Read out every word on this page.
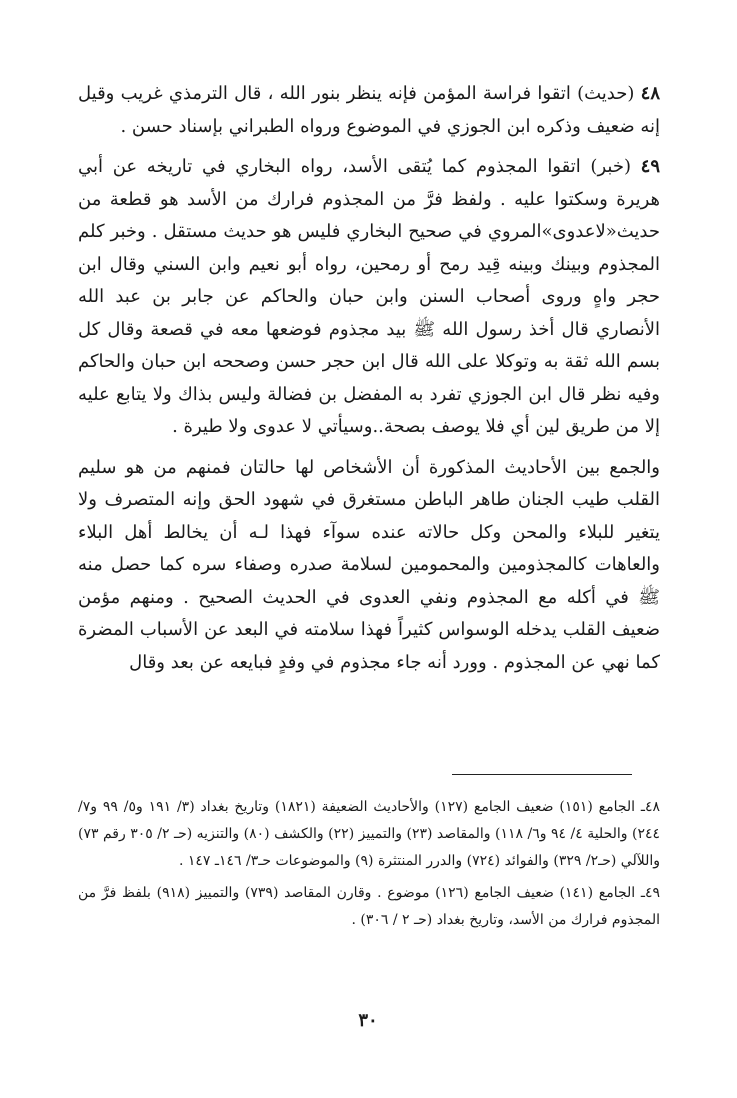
٤٨ (حديث) اتقوا فراسة المؤمن فإنه ينظر بنور الله ، قال الترمذي غريب وقيل إنه ضعيف وذكره ابن الجوزي في الموضوع ورواه الطبراني بإسناد حسن .

٤٩ (خبر) اتقوا المجذوم كما يُتقى الأسد، رواه البخاري في تاريخه عن أبي هريرة وسكتوا عليه . ولفظ فرَّ من المجذوم فرارك من الأسد هو قطعة من حديث«لاعدوى»المروي في صحيح البخاري فليس هو حديث مستقل . وخبر كلم المجذوم وبينك وبينه قِيد رمح أو رمحين، رواه أبو نعيم وابن السني وقال ابن حجر واهٍ وروى أصحاب السنن وابن حبان والحاكم عن جابر بن عبد الله الأنصاري قال أخذ رسول الله ﷺ بيد مجذوم فوضعها معه في قصعة وقال كل بسم الله ثقة به وتوكلا على الله قال ابن حجر حسن وصححه ابن حبان والحاكم وفيه نظر قال ابن الجوزي تفرد به المفضل بن فضالة وليس بذاك ولا يتابع عليه إلا من طريق لين أي فلا يوصف بصحة..وسيأتي لا عدوى ولا طيرة .

والجمع بين الأحاديث المذكورة أن الأشخاص لها حالتان فمنهم من هو سليم القلب طيب الجنان طاهر الباطن مستغرق في شهود الحق وإنه المتصرف ولا يتغير للبلاء والمحن وكل حالاته عنده سوآء فهذا لـه أن يخالط أهل البلاء والعاهات كالمجذومين والمحمومين لسلامة صدره وصفاء سره كما حصل منه ﷺ في أكله مع المجذوم ونفي العدوى في الحديث الصحيح . ومنهم مؤمن ضعيف القلب يدخله الوسواس كثيراً فهذا سلامته في البعد عن الأسباب المضرة كما نهي عن المجذوم . وورد أنه جاء مجذوم في وفدٍ فبايعه عن بعد وقال

٤٨ـ الجامع (١٥١) ضعيف الجامع (١٢٧) والأحاديث الضعيفة (١٨٢١) وتاريخ بغداد (٣/ ١٩١ و٥/ ٩٩ و٧/ ٢٤٤) والحلية ٤/ ٩٤ و٦/ ١١٨) والمقاصد (٢٣) والتمييز (٢٢) والكشف (٨٠) والتنزيه (حـ ٢/ ٣٠٥ رقم ٧٣) واللآلي (حـ٢/ ٣٢٩) والفوائد (٧٢٤) والدرر المنتثرة (٩) والموضوعات حـ٣/ ١٤٦ـ ١٤٧ .

٤٩ـ الجامع (١٤١) ضعيف الجامع (١٢٦) موضوع . وقارن المقاصد (٧٣٩) والتمييز (٩١٨) بلفظ فرَّ من المجذوم فرارك من الأسد، وتاريخ بغداد (حـ ٢ / ٣٠٦) .

٣٠
